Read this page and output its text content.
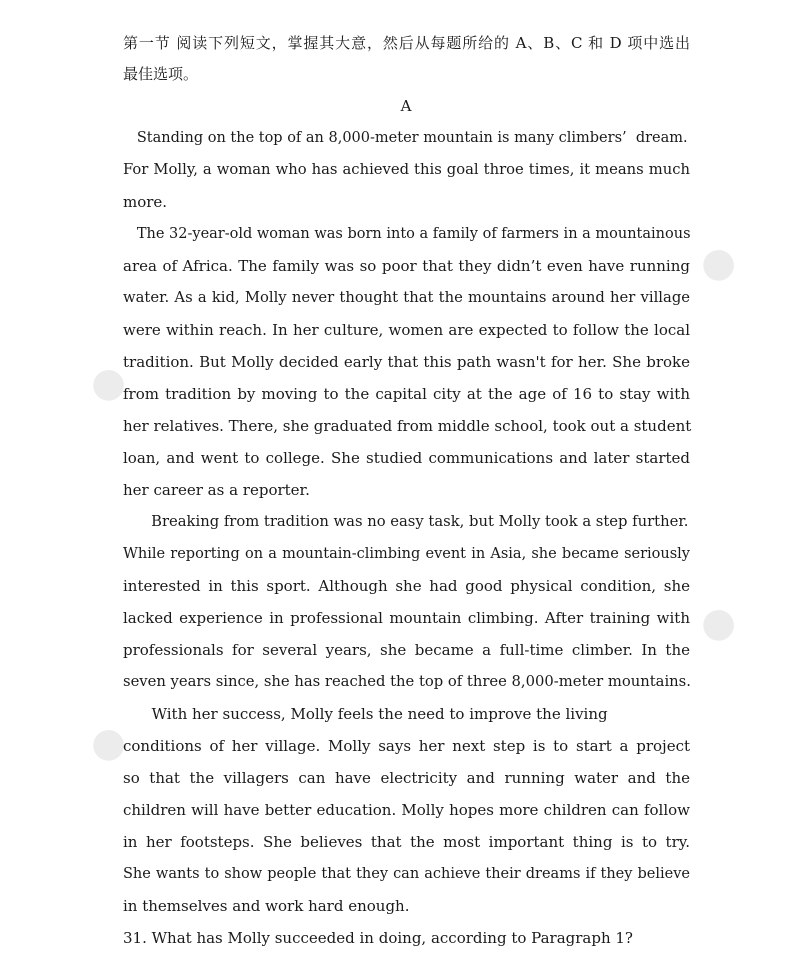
●
●
●
●
第一节 阅读下列短文，掌握其大意，然后从每题所给的 A、B、C 和 D 项中选出
最佳选项。
A
Standing on the top of an 8,000-meter mountain is many climbers’  dream.
For Molly, a woman who has achieved this goal throe times, it means much
more.
The 32-year-old woman was born into a family of farmers in a mountainous
area of Africa. The family was so poor that they didn’t even have running
water. As a kid, Molly never thought that the mountains around her village
were within reach. In her culture, women are expected to follow the local
tradition. But Molly decided early that this path wasn't for her. She broke
from tradition by moving to the capital city at the age of 16 to stay with
her relatives. There, she graduated from middle school, took out a student
loan, and went to college. She studied communications and later started
her career as a reporter.
Breaking from tradition was no easy task, but Molly took a step further.
While reporting on a mountain-climbing event in Asia, she became seriously
interested in this sport. Although she had good physical condition, she
lacked experience in professional mountain climbing. After training with
professionals for several years, she became a full-time climber. In the
seven years since, she has reached the top of three 8,000-meter mountains.
With her success, Molly feels the need to improve the living
conditions of her village. Molly says her next step is to start a project
so that the villagers can have electricity and running water and the
children will have better education. Molly hopes more children can follow
in her footsteps. She believes that the most important thing is to try.
She wants to show people that they can achieve their dreams if they believe
in themselves and work hard enough.
31. What has Molly succeeded in doing, according to Paragraph 1?
